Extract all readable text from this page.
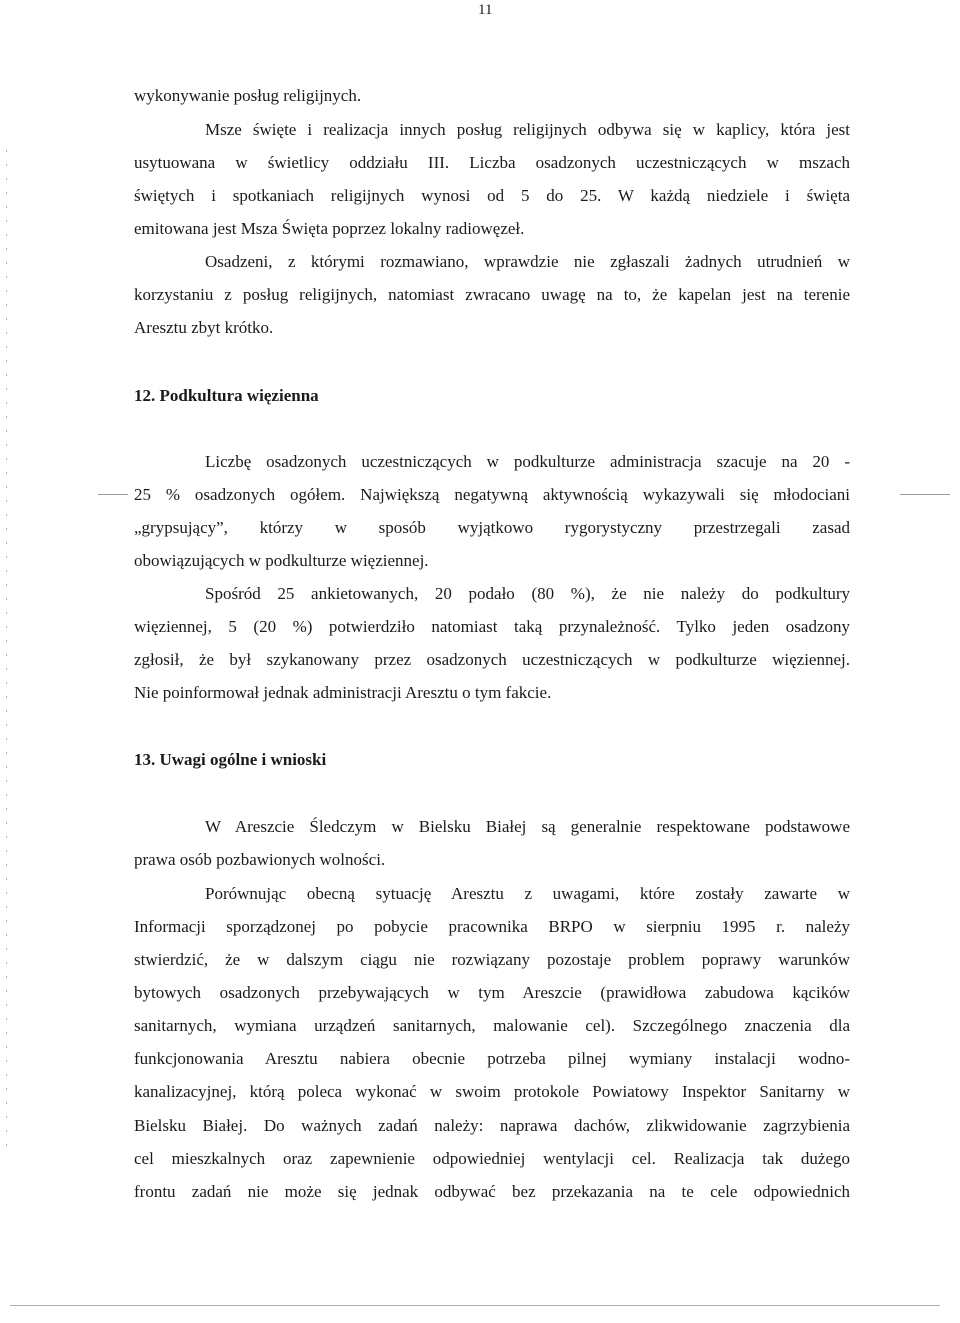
11
wykonywanie posług religijnych.
Msze święte i realizacja innych posług religijnych odbywa się w kaplicy, która jest
usytuowana w świetlicy oddziału III. Liczba osadzonych uczestniczących w mszach
świętych i spotkaniach religijnych wynosi od 5 do 25. W każdą niedziele i święta
emitowana jest Msza Święta poprzez lokalny radiowęzeł.
Osadzeni, z którymi rozmawiano, wprawdzie nie zgłaszali żadnych utrudnień w
korzystaniu z posług religijnych, natomiast zwracano uwagę na to, że kapelan jest na terenie
Aresztu zbyt krótko.
12. Podkultura więzienna
Liczbę osadzonych uczestniczących w podkulturze administracja szacuje na 20 -
25 % osadzonych ogółem. Największą negatywną aktywnością wykazywali się młodociani
„grypsujący”, którzy w sposób wyjątkowo rygorystyczny przestrzegali zasad
obowiązujących w podkulturze więziennej.
Spośród 25 ankietowanych, 20 podało (80 %), że nie należy do podkultury
więziennej, 5 (20 %) potwierdziło natomiast taką przynależność. Tylko jeden osadzony
zgłosił, że był szykanowany przez osadzonych uczestniczących w podkulturze więziennej.
Nie poinformował jednak administracji Aresztu o tym fakcie.
13. Uwagi ogólne i wnioski
W Areszcie Śledczym w Bielsku Białej są generalnie respektowane podstawowe
prawa osób pozbawionych wolności.
Porównując obecną sytuację Aresztu z uwagami, które zostały zawarte w
Informacji sporządzonej po pobycie pracownika BRPO w sierpniu 1995 r. należy
stwierdzić, że w dalszym ciągu nie rozwiązany pozostaje problem poprawy warunków
bytowych osadzonych przebywających w tym Areszcie (prawidłowa zabudowa kącików
sanitarnych, wymiana urządzeń sanitarnych, malowanie cel). Szczególnego znaczenia dla
funkcjonowania Aresztu nabiera obecnie potrzeba pilnej wymiany instalacji wodno-
kanalizacyjnej, którą poleca wykonać w swoim protokole Powiatowy Inspektor Sanitarny w
Bielsku Białej. Do ważnych zadań należy: naprawa dachów, zlikwidowanie zagrzybienia
cel mieszkalnych oraz zapewnienie odpowiedniej wentylacji cel. Realizacja tak dużego
frontu zadań nie może się jednak odbywać bez przekazania na te cele odpowiednich
